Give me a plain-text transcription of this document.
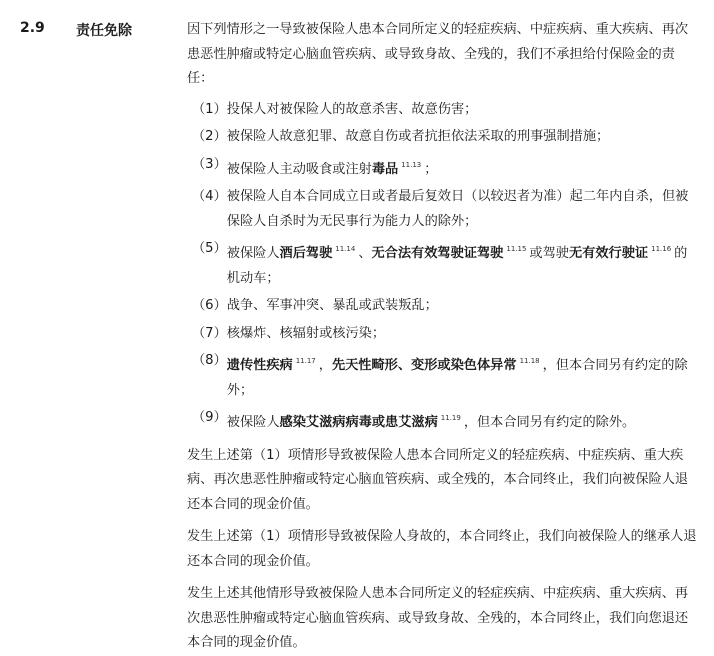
2.9 责任免除	因下列情形之一导致被保险人患本合同所定义的轻症疾病、中症疾病、重大疾病、再次患恶性肿瘤或特定心脑血管疾病、或导致身故、全残的，我们不承担给付保险金的责任：

（1） 投保人对被保险人的故意杀害、故意伤害；
（2） 被保险人故意犯罪、故意自伤或者抗拒依法采取的刑事强制措施；
（3） 被保险人主动吸食或注射毒品 $^{11.13}$ ；
（4） 被保险人自本合同成立日或者最后复效日（以较迟者为准）起二年内自杀，但被保险人自杀时为无民事行为能力人的除外；
（5） 被保险人酒后驾驶 $^{11.14}$ 、无合法有效驾驶证驾驶 $^{11.15}$ 或驾驶无有效行驶证 $^{11.16}$ 的机动车；
（6） 战争、军事冲突、暴乱或武装叛乱；
（7） 核爆炸、核辐射或核污染；
（8） 遗传性疾病 $^{11.17}$ ，先天性畸形、变形或染色体异常 $^{11.18}$ ，但本合同另有约定的除外；
（9） 被保险人感染艾滋病病毒或患艾滋病 $^{11.19}$ ，但本合同另有约定的除外。

发生上述第（1）项情形导致被保险人患本合同所定义的轻症疾病、中症疾病、重大疾病、再次患恶性肿瘤或特定心脑血管疾病、或全残的，本合同终止，我们向被保险人退还本合同的现金价值。

发生上述第（1）项情形导致被保险人身故的，本合同终止，我们向被保险人的继承人退还本合同的现金价值。

发生上述其他情形导致被保险人患本合同所定义的轻症疾病、中症疾病、重大疾病、再次患恶性肿瘤或特定心脑血管疾病、或导致身故、全残的，本合同终止，我们向您退还本合同的现金价值。
